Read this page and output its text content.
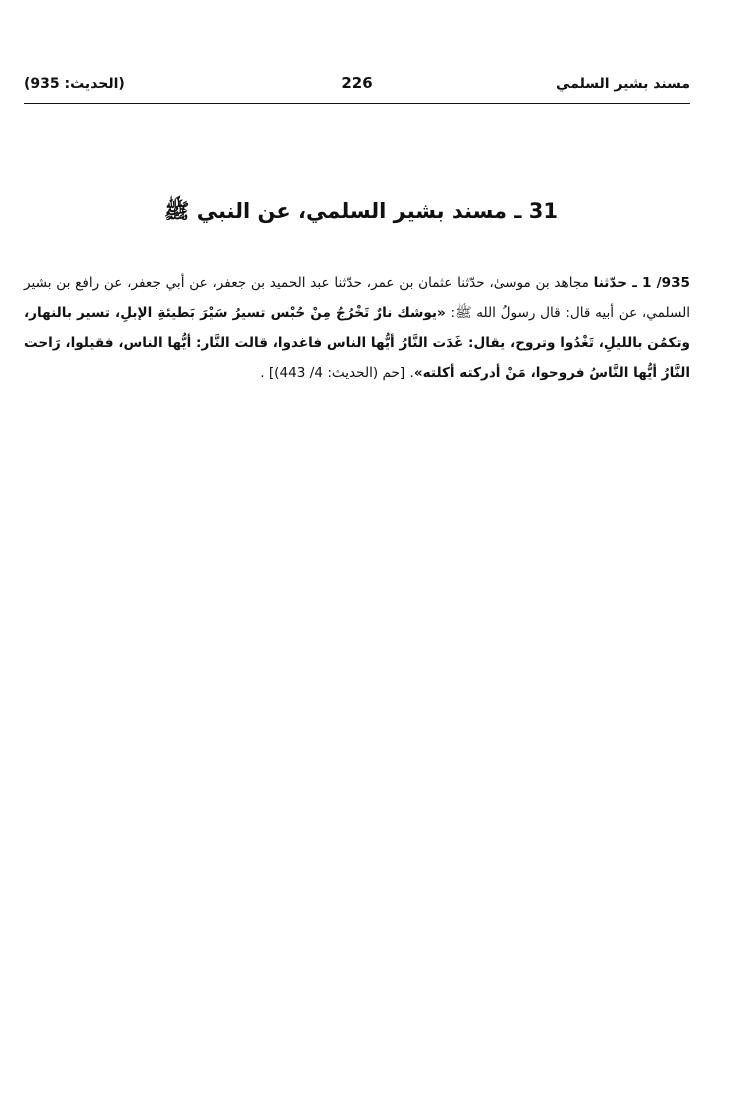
مسند بشير السلمي
226
(الحديث: 935)
31 ـ مسند بشير السلمي، عن النبي ﷺ

935/ 1 ـ حدّثنا مجاهد بن موسىٰ، حدّثنا عثمان بن عمر، حدّثنا عبد الحميد بن جعفر، عن أبي جعفر، عن رافع بن بشير السلمي، عن أبيه قال: قال رسولُ الله ﷺ: «يوشك نارٌ تَخْرُجُ مِنْ حُبْس تسيرُ سَيْرَ بَطيئةِ الإبلِ، تسير بالنهار، وتكمُن بالليلِ، تَغْدُوا وتروح، يقال: غَدَت النَّارُ أيُّها الناس فاغدوا، قالت النَّار: أيُّها الناس، فقيلوا، رَاحت النَّارُ أيُّها النَّاسُ فروحوا، مَنْ أدركته أكلته». [حم (الحديث: 4/ 443)] .
